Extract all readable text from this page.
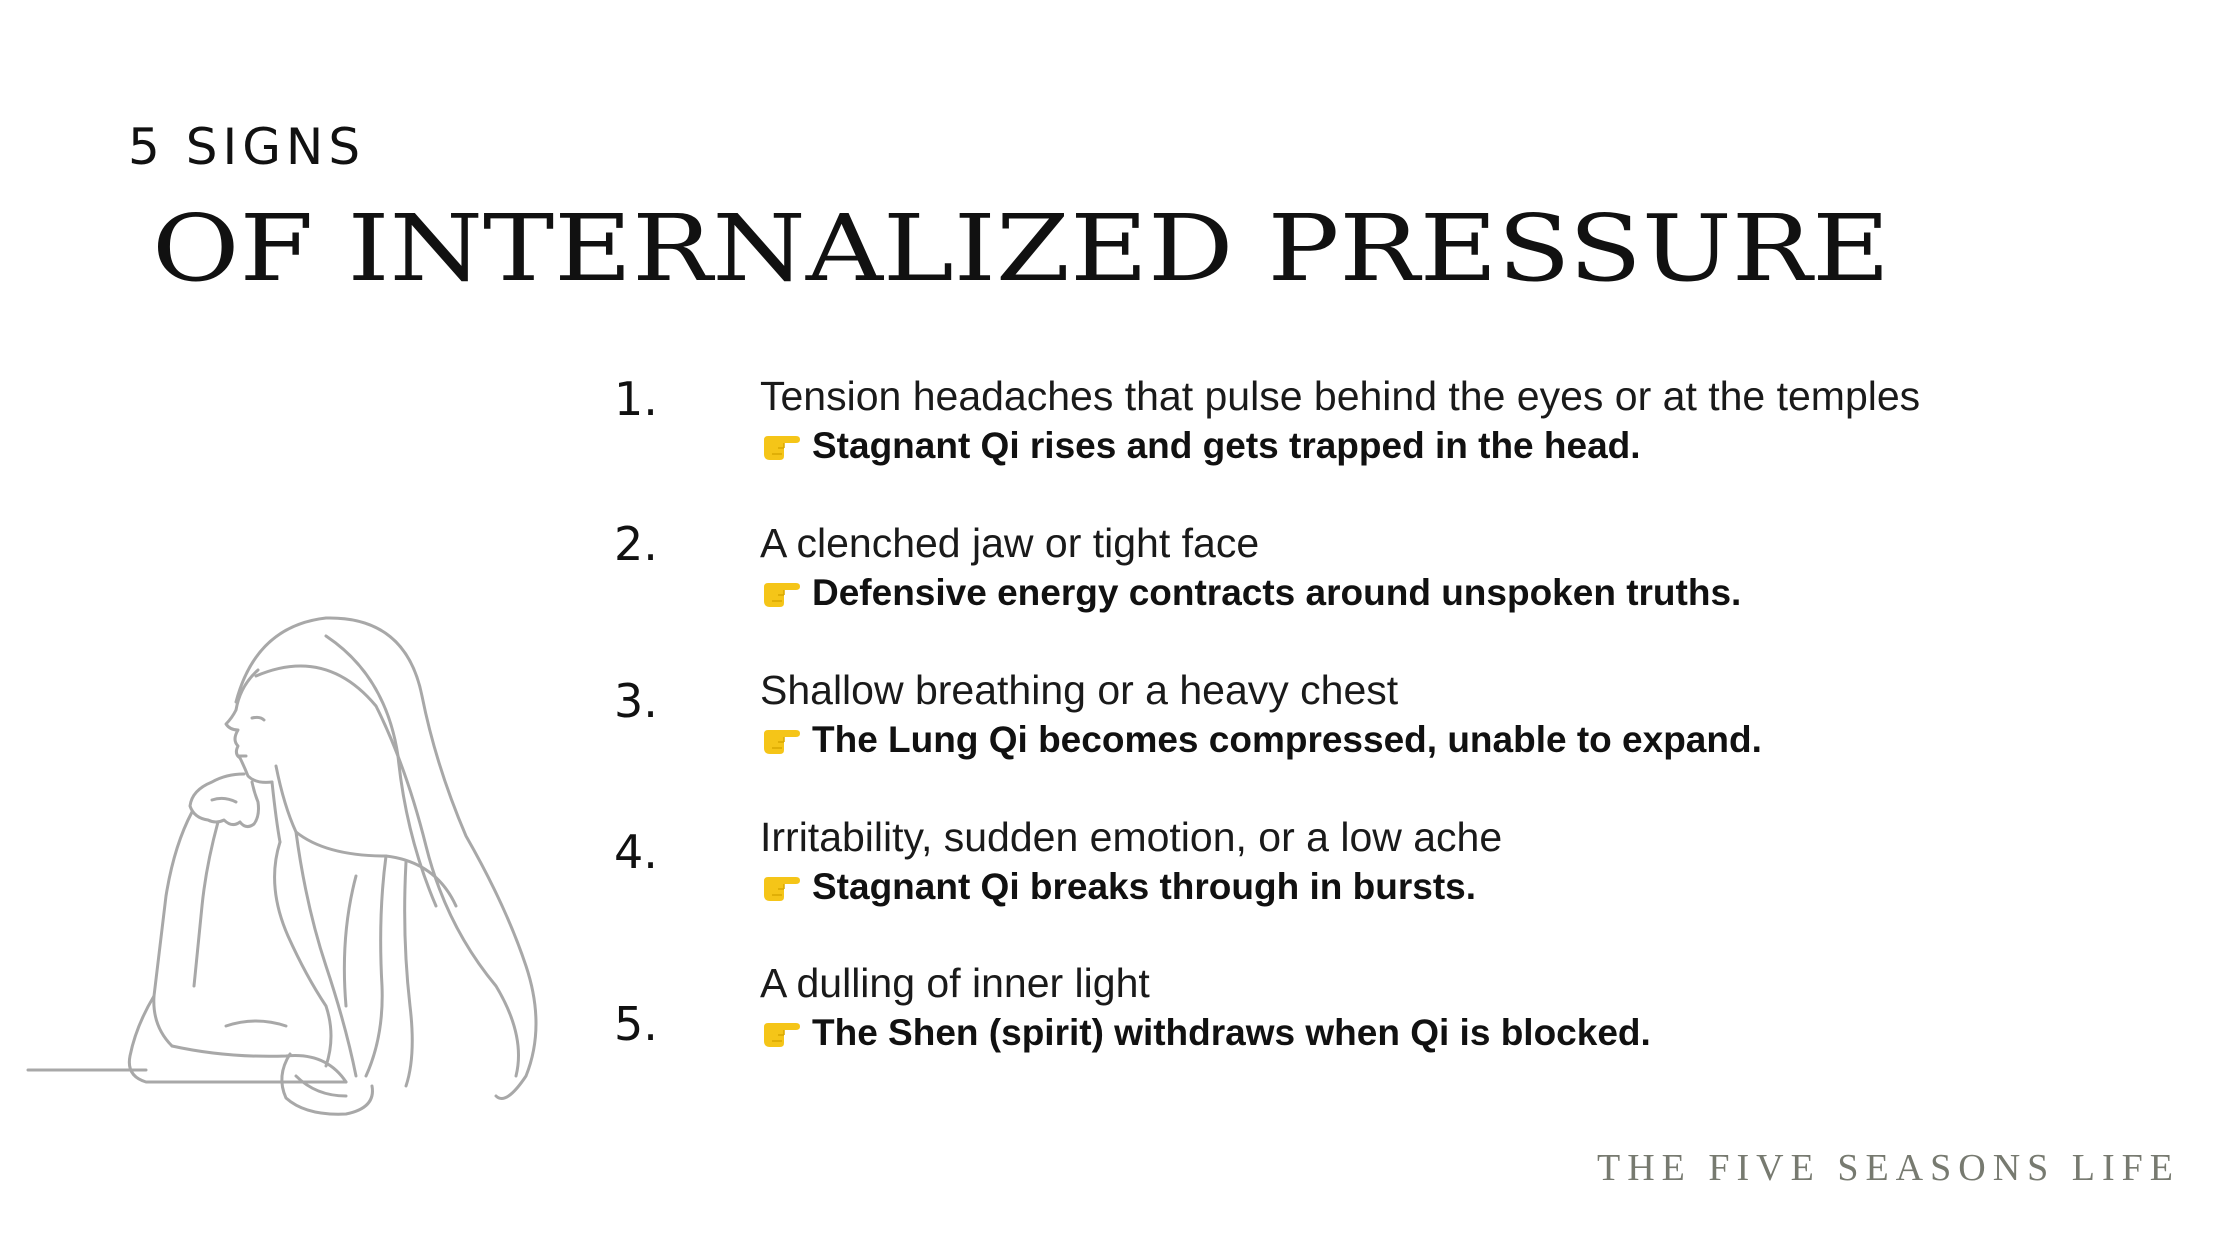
5 SIGNS
OF INTERNALIZED PRESSURE
1. Tension headaches that pulse behind the eyes or at the temples
Stagnant Qi rises and gets trapped in the head.
2. A clenched jaw or tight face
Defensive energy contracts around unspoken truths.
3. Shallow breathing or a heavy chest
The Lung Qi becomes compressed, unable to expand.
4. Irritability, sudden emotion, or a low ache
Stagnant Qi breaks through in bursts.
5.
A dulling of inner light
The Shen (spirit) withdraws when Qi is blocked.
THE FIVE SEASONS LIFE
